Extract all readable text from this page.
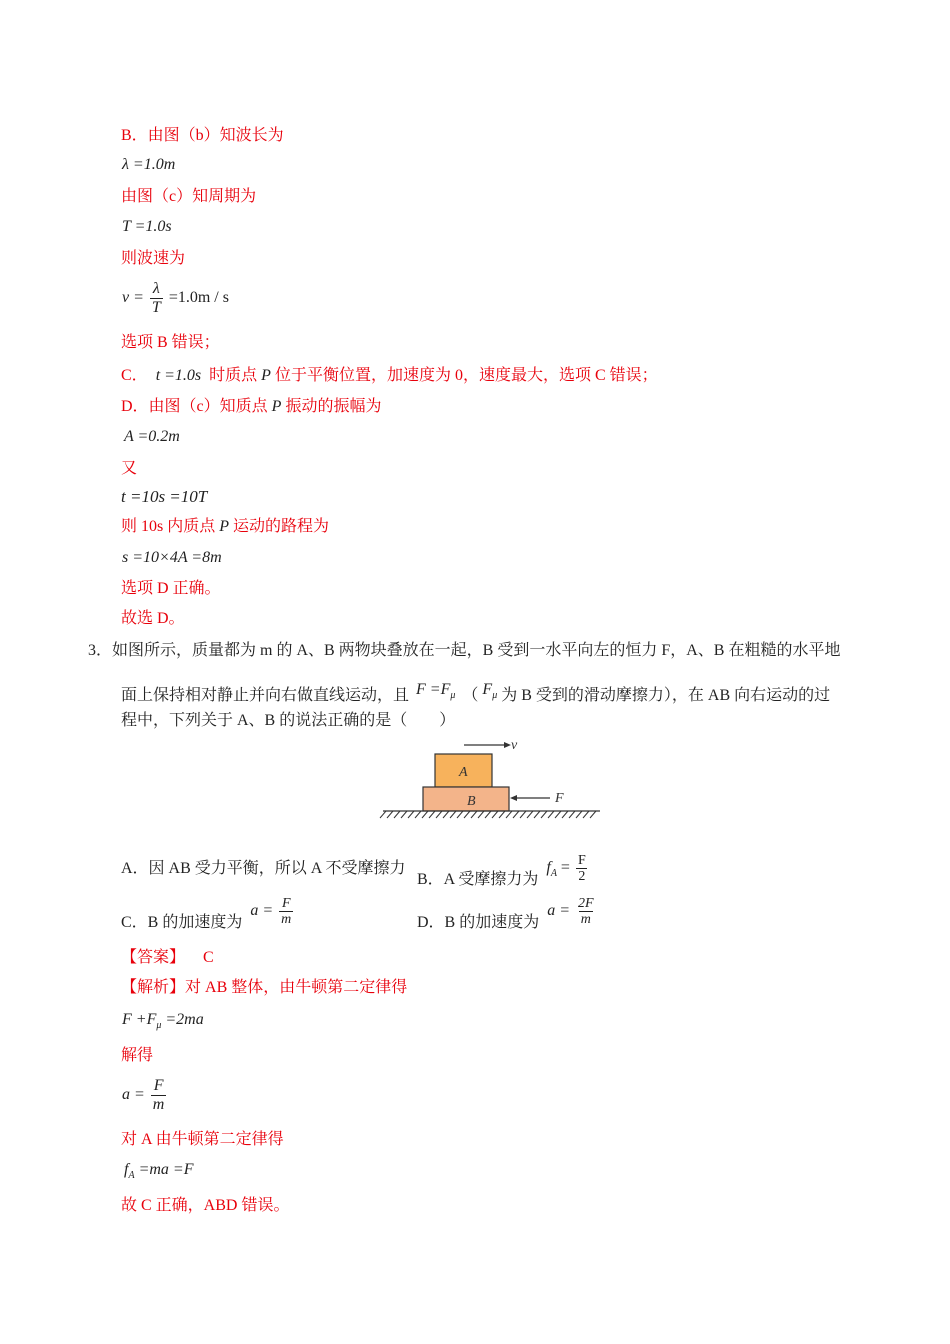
B．由图（b）知波长为
λ =1.0m
由图（c）知周期为
T =1.0s
则波速为
$v = \frac{\lambda}{T} =1.0m / s$
选项 B 错误；
C． t =1.0s 时质点 P 位于平衡位置，加速度为 0，速度最大，选项 C 错误；
D．由图（c）知质点 P 振动的振幅为
A =0.2m
又
t =10s =10T
则 10s 内质点 P 运动的路程为
s =10×4A =8m
选项 D 正确。
故选 D。
3．如图所示，质量都为 m 的 A、B 两物块叠放在一起，B 受到一水平向左的恒力 F，A、B 在粗糙的水平地
面上保持相对静止并向右做直线运动，且 $F =F_\mu$ （ $F_\mu$ 为 B 受到的滑动摩擦力），在 AB 向右运动的过
程中，下列关于 A、B 的说法正确的是（　　）
v
A
B	F
A．因 AB 受力平衡，所以 A 不受摩擦力
B．A 受摩擦力为 $f_A = \frac{F}{2}$
C．B 的加速度为 $a = \frac{F}{m}$	D．B 的加速度为 $a = \frac{2F}{m}$
【答案】 C
【解析】对 AB 整体，由牛顿第二定律得
$F +F_\mu =2ma$
解得
$a = \frac{F}{m}$
对 A 由牛顿第二定律得
$f_A =ma =F$
故 C 正确，ABD 错误。
